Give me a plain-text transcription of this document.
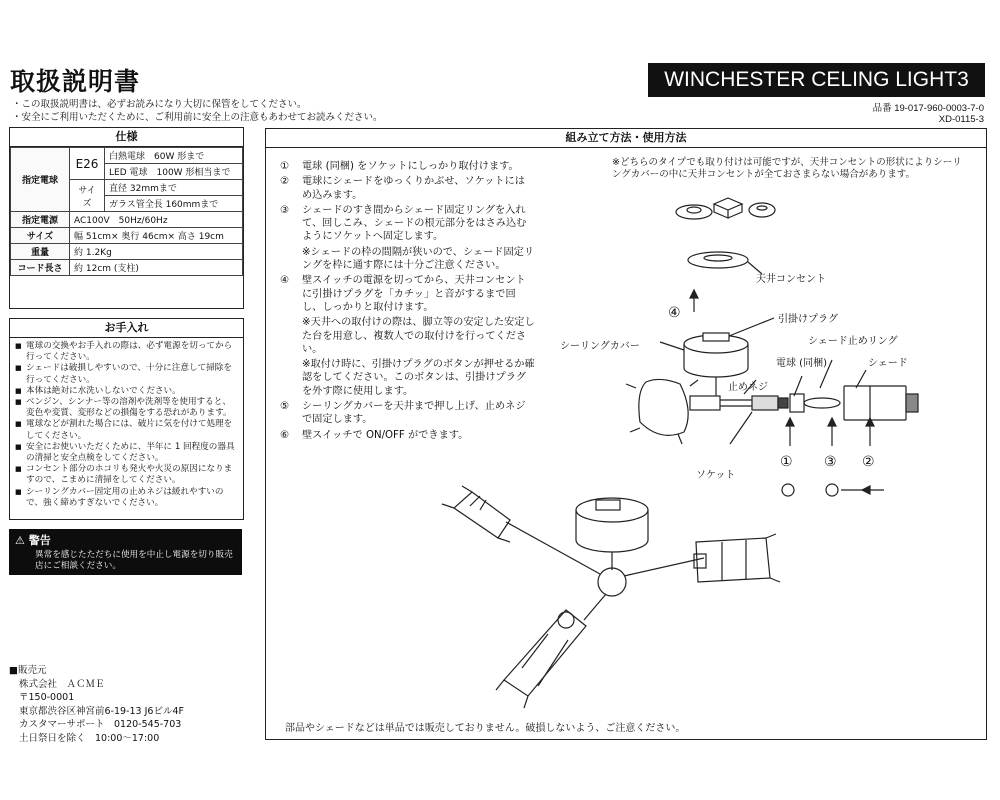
取扱説明書
・この取扱説明書は、必ずお読みになり大切に保管をしてください。
・安全にご利用いただくために、ご利用前に安全上の注意もあわせてお読みください。
WINCHESTER CELING LIGHT3
品番 19-017-960-0003-7-0
XD-0115-3
仕様
指定電球	E26	白熱電球　60W 形まで
		LED 電球　100W 形相当まで
	サイズ	直径 32mmまで
		ガラス管全長 160mmまで
指定電源	AC100V　50Hz/60Hz	
サイズ	幅 51cm× 奥行 46cm× 高さ 19cm	
重量	約 1.2Kg	
コード長さ	約 12cm (支柱)	
お手入れ
■ 電球の交換やお手入れの際は、必ず電源を切ってから行ってください。
■ シェードは破損しやすいので、十分に注意して掃除を行ってください。
■ 本体は絶対に水洗いしないでください。
■ ベンジン、シンナー等の溶剤や洗剤等を使用すると、変色や変質、変形などの損傷をする恐れがあります。
■ 電球などが割れた場合には、破片に気を付けて処理をしてください。
■ 安全にお使いいただくために、半年に 1 回程度の器具の清掃と安全点検をしてください。
■ コンセント部分のホコリも発火や火災の原因になりますので、こまめに清掃をしてください。
■ シーリングカバー固定用の止めネジは緩れやすいので、強く締めすぎないでください。
⚠ 警告
異常を感じたただちに使用を中止し電源を切り販売店にご相談ください。
■販売元
株式会社　ＡＣＭＥ
〒150-0001
東京都渋谷区神宮前6-19-13 J6ビル4F
カスタマーサポート　0120-545-703
土日祭日を除く　10:00〜17:00
組み立て方法・使用方法
①	電球 (同梱) をソケットにしっかり取付けます。
②	電球にシェードをゆっくりかぶせ、ソケットにはめ込みます。
③	シェードのすき間からシェード固定リングを入れて、回しこみ、シェードの根元部分をはさみ込むようにソケットへ固定します。
※シェードの枠の間隔が狭いので、シェード固定リングを枠に通す際には十分ご注意ください。
④	壁スイッチの電源を切ってから、天井コンセントに引掛けプラグを「カチッ」と音がするまで回し、しっかりと取付けます。
※天井への取付けの際は、脚立等の安定した安定した台を用意し、複数人での取付けを行ってください。
※取付け時に、引掛けプラグのボタンが押せるか確認をしてください。このボタンは、引掛けプラグを外す際に使用します。
⑤	シーリングカバーを天井まで押し上げ、止めネジで固定します。
⑥	壁スイッチで ON/OFF ができます。
※どちらのタイプでも取り付けは可能ですが、天井コンセントの形状によりシーリングカバーの中に天井コンセントが全ておさまらない場合があります。
天井コンセント
引掛けプラグ
シーリングカバー	シェード止めリング
電球 (同梱)	シェード
止めネジ
ソケット
④
① ③ ②
部品やシェードなどは単品では販売しておりません。破損しないよう、ご注意ください。
